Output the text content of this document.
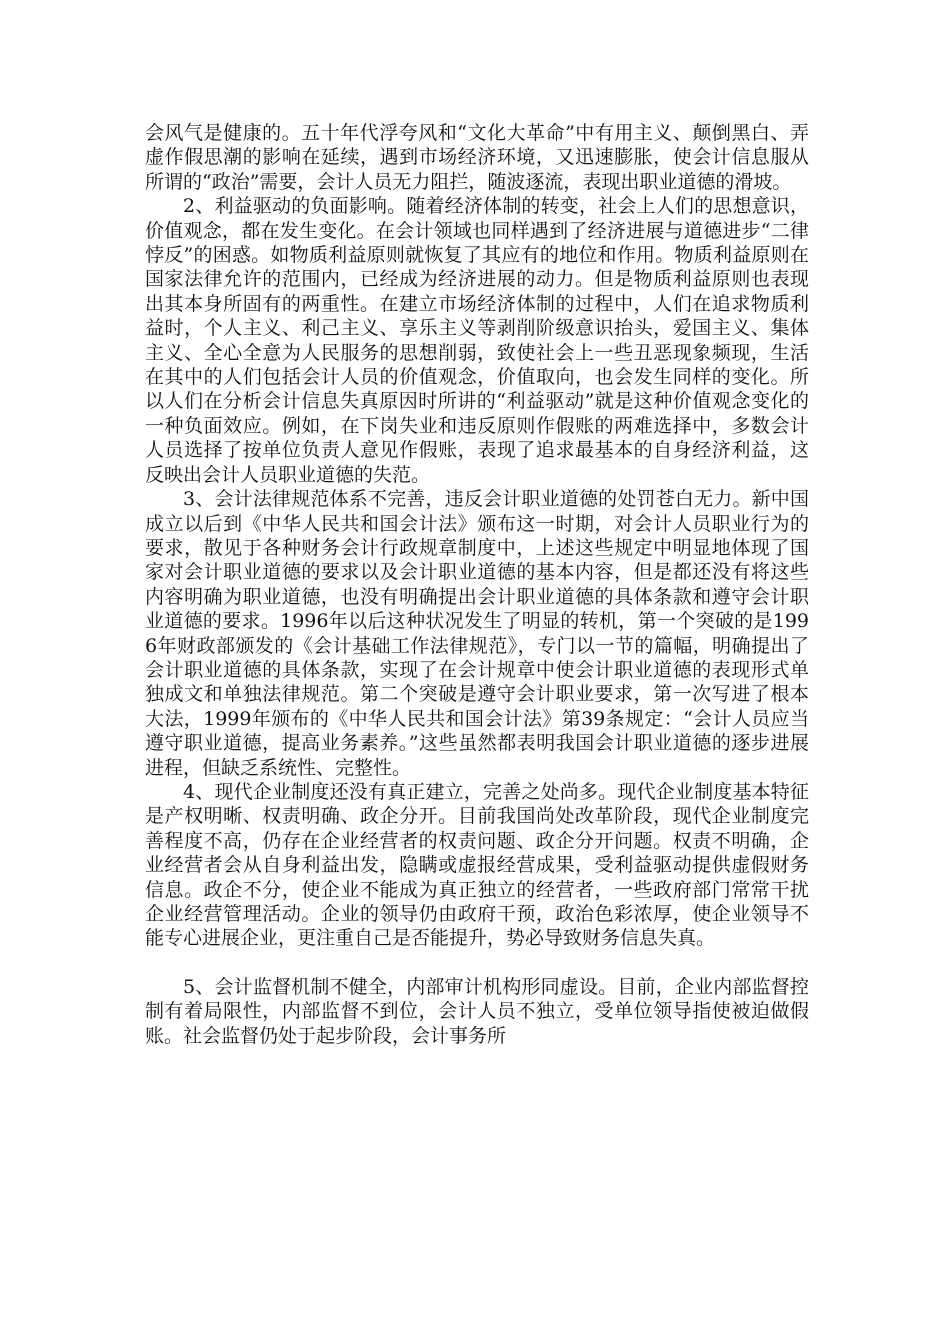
会风气是健康的。五十年代浮夸风和“文化大革命”中有用主义、颠倒黑白、弄虚作假思潮的影响在延续，遇到市场经济环境，又迅速膨胀，使会计信息服从所谓的“政治”需要，会计人员无力阻拦，随波逐流，表现出职业道德的滑坡。

2、利益驱动的负面影响。随着经济体制的转变，社会上人们的思想意识，价值观念，都在发生变化。在会计领域也同样遇到了经济进展与道德进步“二律悖反”的困惑。如物质利益原则就恢复了其应有的地位和作用。物质利益原则在国家法律允许的范围内，已经成为经济进展的动力。但是物质利益原则也表现出其本身所固有的两重性。在建立市场经济体制的过程中，人们在追求物质利益时，个人主义、利己主义、享乐主义等剥削阶级意识抬头，爱国主义、集体主义、全心全意为人民服务的思想削弱，致使社会上一些丑恶现象频现，生活在其中的人们包括会计人员的价值观念，价值取向，也会发生同样的变化。所以人们在分析会计信息失真原因时所讲的“利益驱动”就是这种价值观念变化的一种负面效应。例如，在下岗失业和违反原则作假账的两难选择中，多数会计人员选择了按单位负责人意见作假账，表现了追求最基本的自身经济利益，这反映出会计人员职业道德的失范。

3、会计法律规范体系不完善，违反会计职业道德的处罚苍白无力。新中国成立以后到《中华人民共和国会计法》颁布这一时期，对会计人员职业行为的要求，散见于各种财务会计行政规章制度中，上述这些规定中明显地体现了国家对会计职业道德的要求以及会计职业道德的基本内容，但是都还没有将这些内容明确为职业道德，也没有明确提出会计职业道德的具体条款和遵守会计职业道德的要求。1996年以后这种状况发生了明显的转机，第一个突破的是1996年财政部颁发的《会计基础工作法律规范》，专门以一节的篇幅，明确提出了会计职业道德的具体条款，实现了在会计规章中使会计职业道德的表现形式单独成文和单独法律规范。第二个突破是遵守会计职业要求，第一次写进了根本大法，1999年颁布的《中华人民共和国会计法》第39条规定：“会计人员应当遵守职业道德，提高业务素养。”这些虽然都表明我国会计职业道德的逐步进展进程，但缺乏系统性、完整性。

4、现代企业制度还没有真正建立，完善之处尚多。现代企业制度基本特征是产权明晰、权责明确、政企分开。目前我国尚处改革阶段，现代企业制度完善程度不高，仍存在企业经营者的权责问题、政企分开问题。权责不明确，企业经营者会从自身利益出发，隐瞒或虚报经营成果，受利益驱动提供虚假财务信息。政企不分，使企业不能成为真正独立的经营者，一些政府部门常常干扰企业经营管理活动。企业的领导仍由政府干预，政治色彩浓厚，使企业领导不能专心进展企业，更注重自己是否能提升，势必导致财务信息失真。

5、会计监督机制不健全，内部审计机构形同虚设。目前，企业内部监督控制有着局限性，内部监督不到位，会计人员不独立，受单位领导指使被迫做假账。社会监督仍处于起步阶段，会计事务所
